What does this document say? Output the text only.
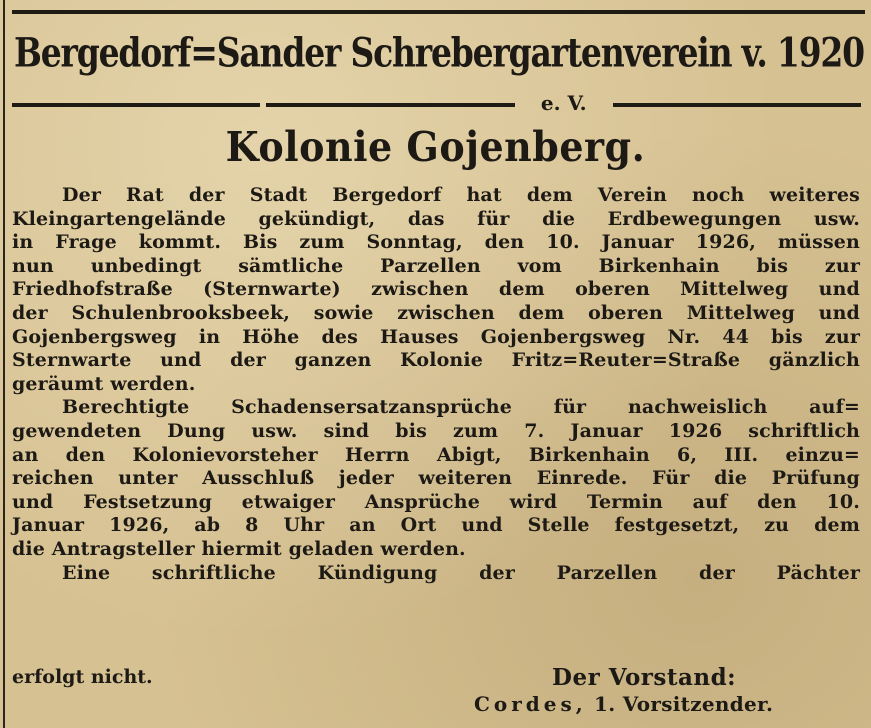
Bergedorf=Sander Schrebergartenverein v. 1920
e. V.
Kolonie Gojenberg.
Der Rat der Stadt Bergedorf hat dem Verein noch weiteres
Kleingartengelände gekündigt, das für die Erdbewegungen usw.
in Frage kommt. Bis zum Sonntag, den 10. Januar 1926, müssen
nun unbedingt sämtliche Parzellen vom Birkenhain bis zur
Friedhofstraße (Sternwarte) zwischen dem oberen Mittelweg und
der Schulenbrooksbeek, sowie zwischen dem oberen Mittelweg und
Gojenbergsweg in Höhe des Hauses Gojenbergsweg Nr. 44 bis zur
Sternwarte und der ganzen Kolonie Fritz=Reuter=Straße gänzlich
geräumt werden.
Berechtigte Schadensersatzansprüche für nachweislich auf=
gewendeten Dung usw. sind bis zum 7. Januar 1926 schriftlich
an den Kolonievorsteher Herrn Abigt, Birkenhain 6, III. einzu=
reichen unter Ausschluß jeder weiteren Einrede. Für die Prüfung
und Festsetzung etwaiger Ansprüche wird Termin auf den 10.
Januar 1926, ab 8 Uhr an Ort und Stelle festgesetzt, zu dem
die Antragsteller hiermit geladen werden.
Eine schriftliche Kündigung der Parzellen der Pächter
erfolgt nicht.	Der Vorstand:
Cordes, 1. Vorsitzender.
